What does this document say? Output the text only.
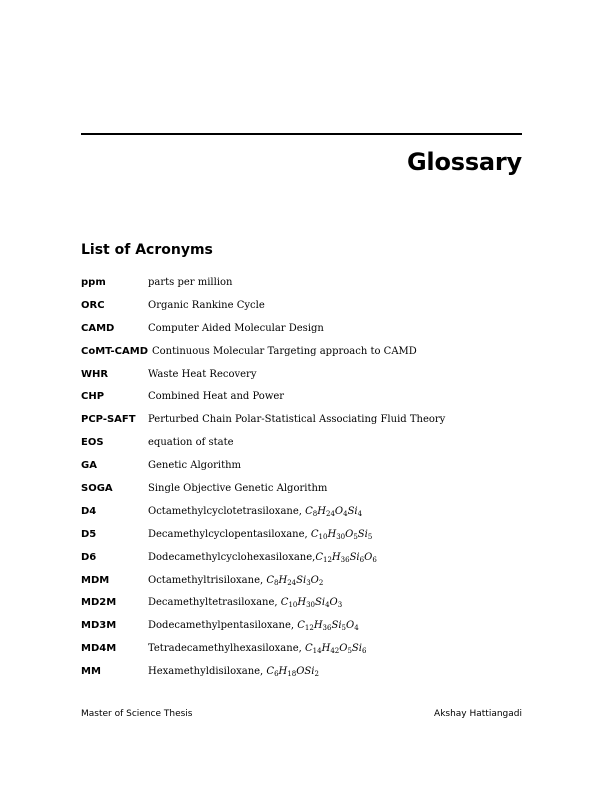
Glossary
List of Acronyms
ppm	parts per million
ORC	Organic Rankine Cycle
CAMD	Computer Aided Molecular Design
CoMT-CAMD Continuous Molecular Targeting approach to CAMD
WHR	Waste Heat Recovery
CHP	Combined Heat and Power
PCP-SAFT	Perturbed Chain Polar-Statistical Associating Fluid Theory
EOS	equation of state
GA	Genetic Algorithm
SOGA	Single Objective Genetic Algorithm
D4	Octamethylcyclotetrasiloxane, $C_8H_{24}O_4Si_4$
D5	Decamethylcyclopentasiloxane, $C_{10}H_{30}O_5Si_5$
D6	$Dodecamethylcyclohexasiloxane,C_{12}H_{36}Si_6O_6$
MDM	Octamethyltrisiloxane, $C_8H_{24}Si_3O_2$
MD2M	Decamethyltetrasiloxane, $C_{10}H_{30}Si_4O_3$
MD3M	Dodecamethylpentasiloxane, $C_{12}H_{36}Si_5O_4$
MD4M	Tetradecamethylhexasiloxane, $C_{14}H_{42}O_5Si_6$
MM	Hexamethyldisiloxane, $C_6H_{18}OSi_2$
Master of Science Thesis	Akshay Hattiangadi
